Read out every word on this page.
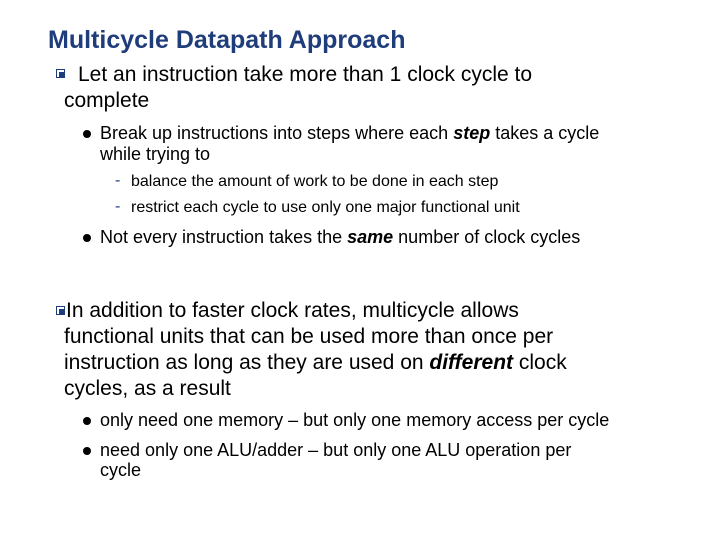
Multicycle Datapath Approach
Let an instruction take more than 1 clock cycle to
complete
Break up instructions into steps where each step takes a cycle
while trying to
- balance the amount of work to be done in each step
- restrict each cycle to use only one major functional unit
Not every instruction takes the same number of clock cycles
In addition to faster clock rates, multicycle allows
functional units that can be used more than once per
instruction as long as they are used on different clock
cycles, as a result
only need one memory – but only one memory access per cycle
need only one ALU/adder – but only one ALU operation per
cycle
